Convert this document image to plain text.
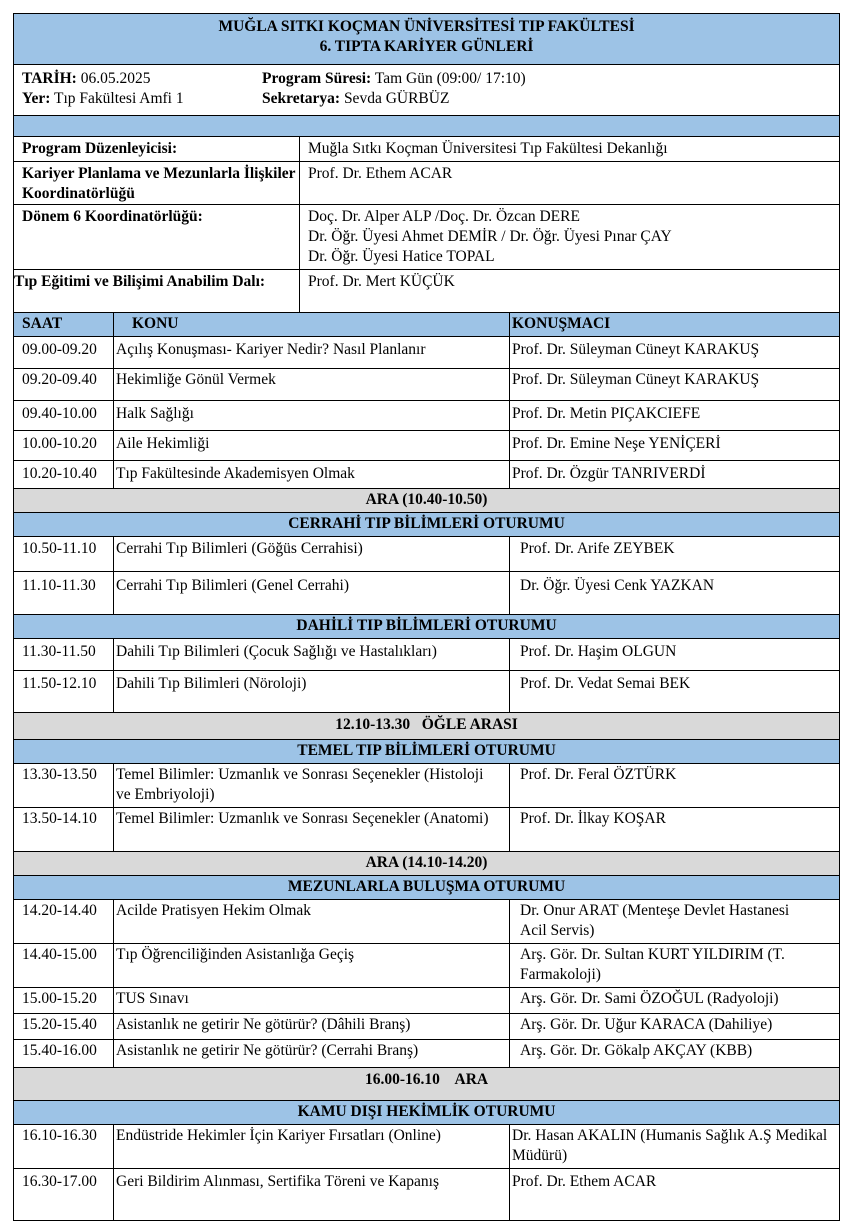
MUĞLA SITKI KOÇMAN ÜNİVERSİTESİ TIP FAKÜLTESİ
6. TIPTA KARİYER GÜNLERİ			

TARİH: 06.05.2025 Program Süresi: Tam Gün (09:00/ 17:10)
Yer: Tıp Fakültesi Amfi 1 Sekretarya: Sevda GÜRBÜZ			

Program Düzenleyicisi:		Muğla Sıtkı Koçman Üniversitesi Tıp Fakültesi Dekanlığı	
Kariyer Planlama ve Mezunlarla İlişkiler Koordinatörlüğü		Prof. Dr. Ethem ACAR	
Dönem 6 Koordinatörlüğü:		Doç. Dr. Alper ALP /Doç. Dr. Özcan DERE
Dr. Öğr. Üyesi Ahmet DEMİR / Dr. Öğr. Üyesi Pınar ÇAY
Dr. Öğr. Üyesi Hatice TOPAL	

Tıp Eğitimi ve Bilişimi Anabilim Dalı:		Prof. Dr. Mert KÜÇÜK	
SAAT	KONU		KONUŞMACI
09.00-09.20	Açılış Konuşması- Kariyer Nedir? Nasıl Planlanır		Prof. Dr. Süleyman Cüneyt KARAKUŞ
09.20-09.40	Hekimliğe Gönül Vermek		Prof. Dr. Süleyman Cüneyt KARAKUŞ
09.40-10.00	Halk Sağlığı		Prof. Dr. Metin PIÇAKCIEFE
10.00-10.20	Aile Hekimliği		Prof. Dr. Emine Neşe YENİÇERİ
10.20-10.40	Tıp Fakültesinde Akademisyen Olmak		Prof. Dr. Özgür TANRIVERDİ
ARA (10.40-10.50)			
CERRAHİ TIP BİLİMLERİ OTURUMU			
10.50-11.10	Cerrahi Tıp Bilimleri (Göğüs Cerrahisi)		Prof. Dr. Arife ZEYBEK
11.10-11.30	Cerrahi Tıp Bilimleri (Genel Cerrahi)		Dr. Öğr. Üyesi Cenk YAZKAN
DAHİLİ TIP BİLİMLERİ OTURUMU			
11.30-11.50	Dahili Tıp Bilimleri (Çocuk Sağlığı ve Hastalıkları)		Prof. Dr. Haşim OLGUN
11.50-12.10	Dahili Tıp Bilimleri (Nöroloji)		Prof. Dr. Vedat Semai BEK
12.10-13.30   ÖĞLE ARASI			
TEMEL TIP BİLİMLERİ OTURUMU			
13.30-13.50	Temel Bilimler: Uzmanlık ve Sonrası Seçenekler (Histoloji ve Embriyoloji)		Prof. Dr. Feral ÖZTÜRK
13.50-14.10	Temel Bilimler: Uzmanlık ve Sonrası Seçenekler (Anatomi)		Prof. Dr. İlkay KOŞAR
ARA (14.10-14.20)			
MEZUNLARLA BULUŞMA OTURUMU			
14.20-14.40	Acilde Pratisyen Hekim Olmak		Dr. Onur ARAT (Menteşe Devlet Hastanesi Acil Servis)
14.40-15.00	Tıp Öğrenciliğinden Asistanlığa Geçiş		Arş. Gör. Dr. Sultan KURT YILDIRIM (T. Farmakoloji)
15.00-15.20	TUS Sınavı		Arş. Gör. Dr. Sami ÖZOĞUL (Radyoloji)
15.20-15.40	Asistanlık ne getirir Ne götürür? (Dâhili Branş)		Arş. Gör. Dr. Uğur KARACA (Dahiliye)
15.40-16.00	Asistanlık ne getirir Ne götürür? (Cerrahi Branş)		Arş. Gör. Dr. Gökalp AKÇAY (KBB)
16.00-16.10    ARA			
KAMU DIŞI HEKİMLİK OTURUMU			
16.10-16.30	Endüstride Hekimler İçin Kariyer Fırsatları (Online)		Dr. Hasan AKALIN (Humanis Sağlık A.Ş Medikal Müdürü)
16.30-17.00	Geri Bildirim Alınması, Sertifika Töreni ve Kapanış		Prof. Dr. Ethem ACAR
